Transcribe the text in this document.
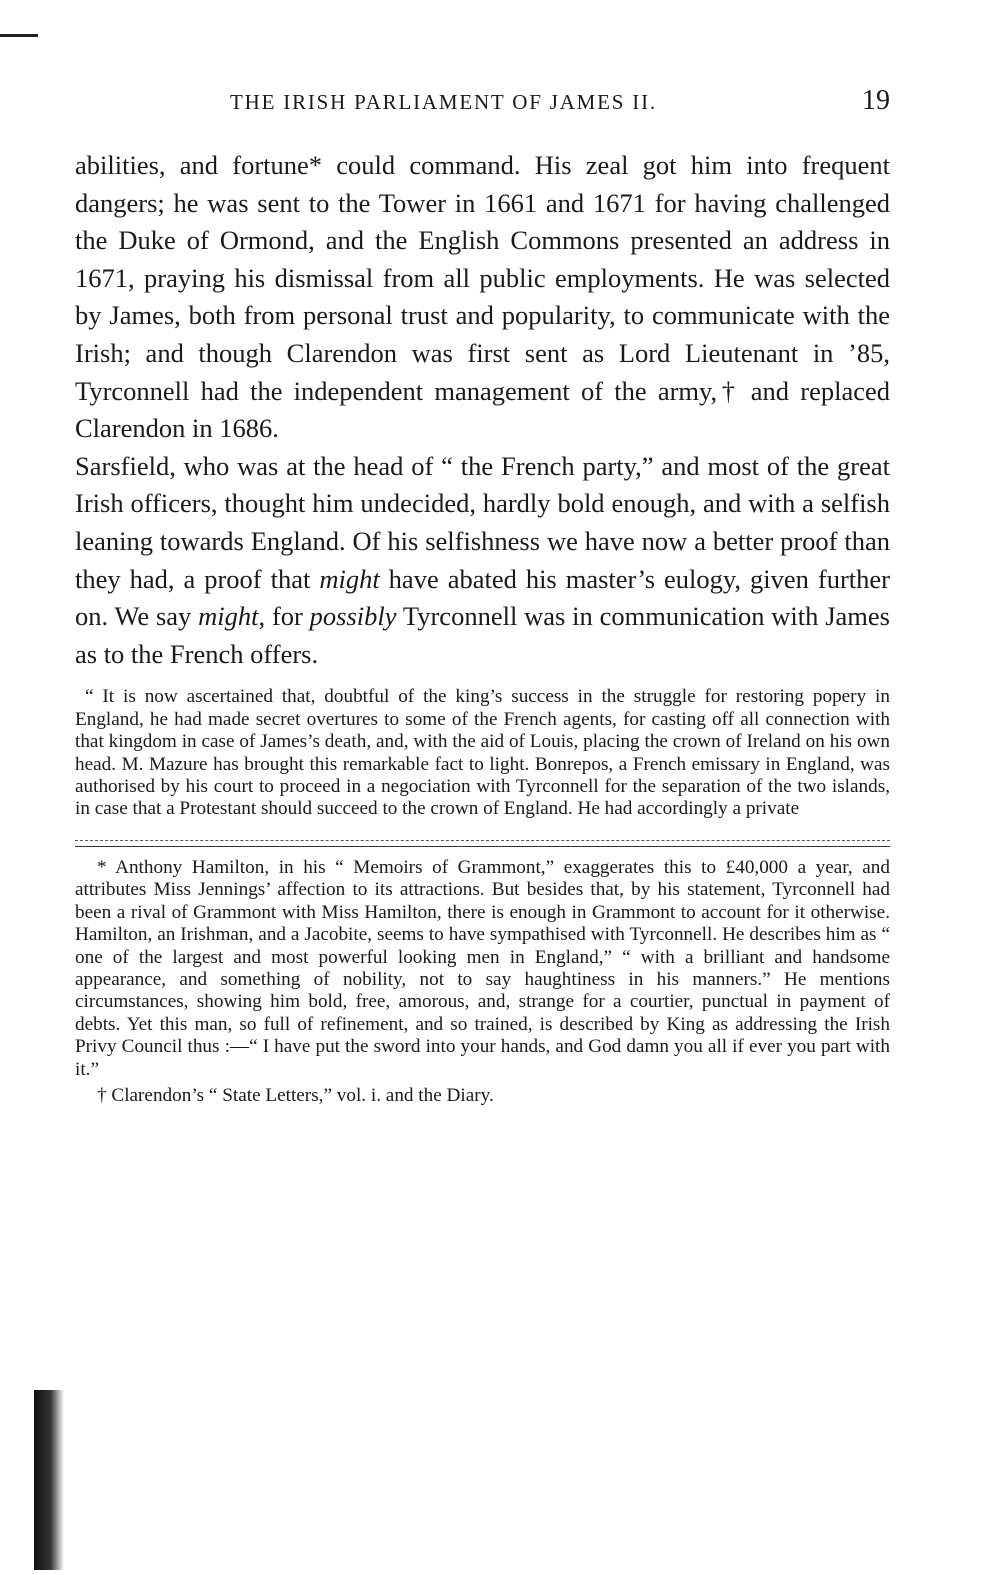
THE IRISH PARLIAMENT OF JAMES II.	19

abilities, and fortune* could command. His zeal got him into frequent dangers; he was sent to the Tower in 1661 and 1671 for having challenged the Duke of Ormond, and the English Commons presented an address in 1671, praying his dismissal from all public employments. He was selected by James, both from personal trust and popularity, to communicate with the Irish; and though Clarendon was first sent as Lord Lieutenant in ’85, Tyrconnell had the independent management of the army,† and replaced Clarendon in 1686.

Sarsfield, who was at the head of “ the French party,” and most of the great Irish officers, thought him undecided, hardly bold enough, and with a selfish leaning towards England. Of his selfishness we have now a better proof than they had, a proof that might have abated his master’s eulogy, given further on. We say might, for possibly Tyrconnell was in communication with James as to the French offers.

“ It is now ascertained that, doubtful of the king’s success in the struggle for restoring popery in England, he had made secret overtures to some of the French agents, for casting off all connection with that kingdom in case of James’s death, and, with the aid of Louis, placing the crown of Ireland on his own head. M. Mazure has brought this remarkable fact to light. Bonrepos, a French emissary in England, was authorised by his court to proceed in a negociation with Tyrconnell for the separation of the two islands, in case that a Protestant should succeed to the crown of England. He had accordingly a private

* Anthony Hamilton, in his “ Memoirs of Grammont,” exaggerates this to £40,000 a year, and attributes Miss Jennings’ affection to its attractions. But besides that, by his statement, Tyrconnell had been a rival of Grammont with Miss Hamilton, there is enough in Grammont to account for it otherwise. Hamilton, an Irishman, and a Jacobite, seems to have sympathised with Tyrconnell. He describes him as “ one of the largest and most powerful looking men in England,” “ with a brilliant and handsome appearance, and something of nobility, not to say haughtiness in his manners.” He mentions circumstances, showing him bold, free, amorous, and, strange for a courtier, punctual in payment of debts. Yet this man, so full of refinement, and so trained, is described by King as addressing the Irish Privy Council thus :—“ I have put the sword into your hands, and God damn you all if ever you part with it.”

† Clarendon’s “ State Letters,” vol. i. and the Diary.
